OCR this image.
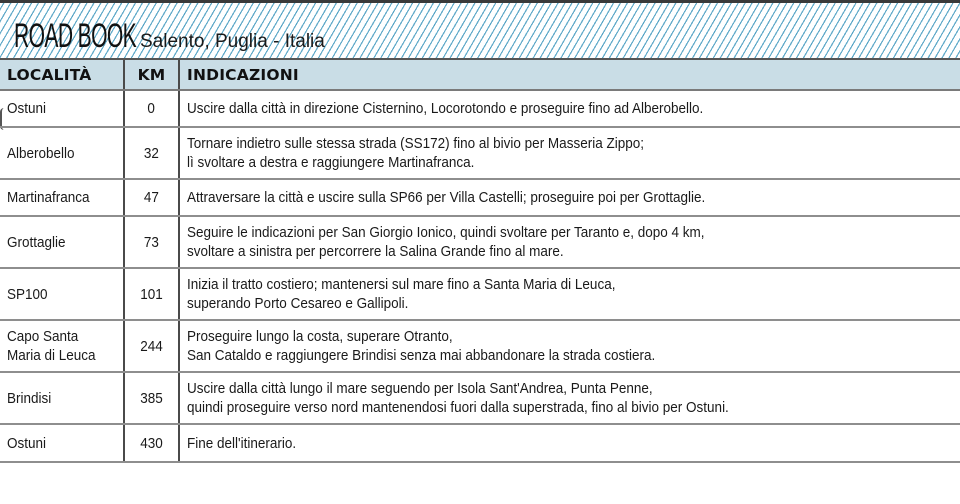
ROAD BOOK Salento, Puglia - Italia
LOCALITÀ	KM	INDICAZIONI

Ostuni	0	Uscire dalla città in direzione Cisternino, Locorotondo e proseguire fino ad Alberobello.

Alberobello	32	Tornare indietro sulle stessa strada (SS172) fino al bivio per Masseria Zippo;
lì svoltare a destra e raggiungere Martinafranca.

Martinafranca	47	Attraversare la città e uscire sulla SP66 per Villa Castelli; proseguire poi per Grottaglie.

Grottaglie	73	Seguire le indicazioni per San Giorgio Ionico, quindi svoltare per Taranto e, dopo 4 km,
svoltare a sinistra per percorrere la Salina Grande fino al mare.

SP100	101	Inizia il tratto costiero; mantenersi sul mare fino a Santa Maria di Leuca,
superando Porto Cesareo e Gallipoli.

Capo Santa
Maria di Leuca	244	Proseguire lungo la costa, superare Otranto,
San Cataldo e raggiungere Brindisi senza mai abbandonare la strada costiera.

Brindisi	385	Uscire dalla città lungo il mare seguendo per Isola Sant'Andrea, Punta Penne,
quindi proseguire verso nord mantenendosi fuori dalla superstrada, fino al bivio per Ostuni.

Ostuni	430	Fine dell'itinerario.
